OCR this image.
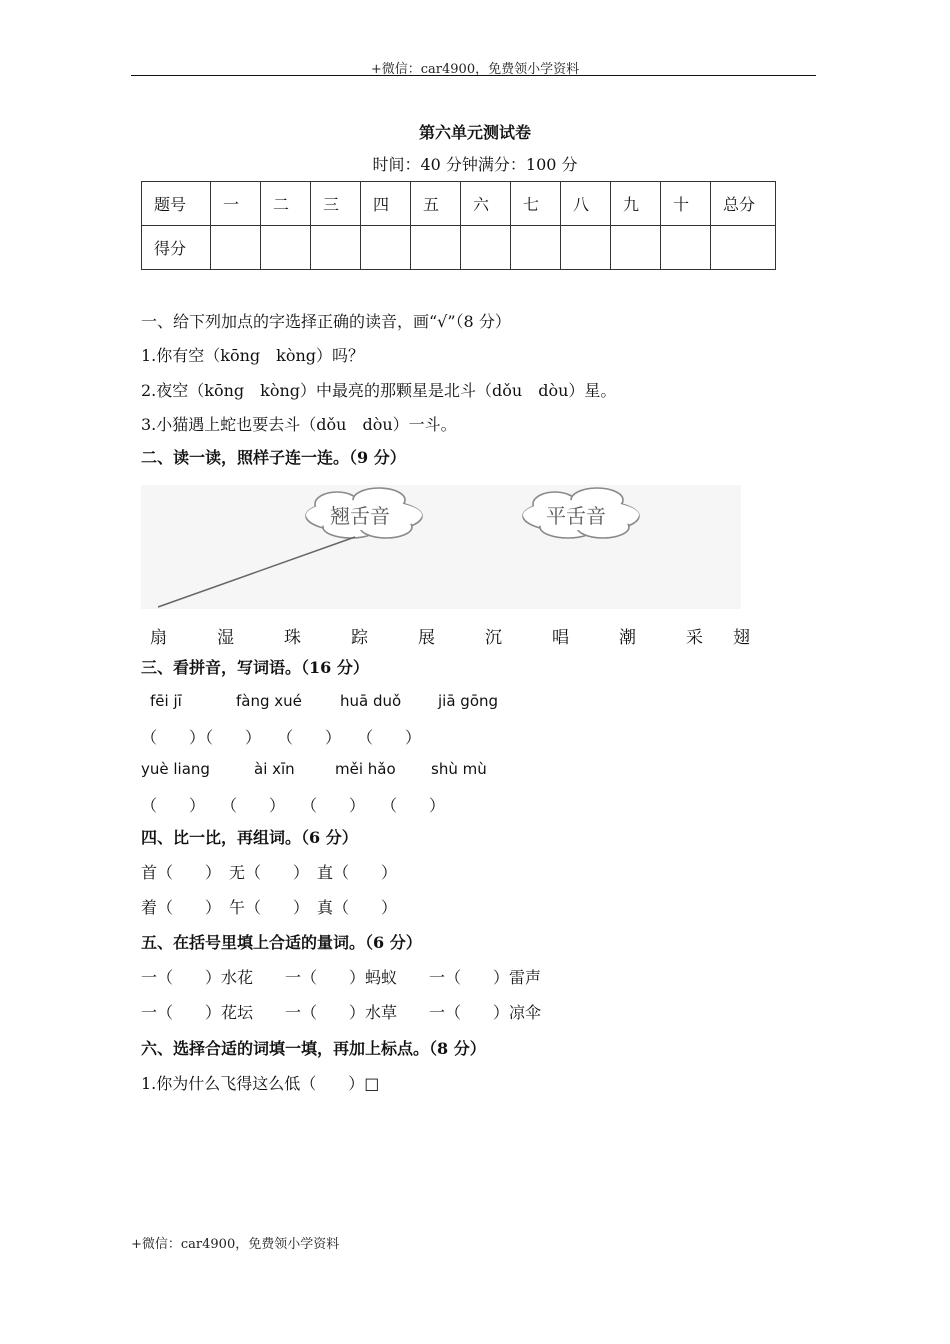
+微信：car4900，免费领小学资料
第六单元测试卷
时间：40 分钟满分：100 分
题号	一	二	三	四	五	六	七	八	九	十	总分
得分											
一、给下列加点的字选择正确的读音，画“√”（8 分）
1.你有空（kōng　kòng）吗？
2.夜空（kōng　kòng）中最亮的那颗星是北斗（dǒu　dòu）星。
3.小猫遇上蛇也要去斗（dǒu　dòu）一斗。
二、读一读，照样子连一连。（9 分）
翘舌音	平舌音
扇	湿	珠	踪	展	沉	唱	潮	采 翅
三、看拼音，写词语。（16 分）
fēi jī	fàng xué	huā duǒ jiā gōng
（　　）（　　）　　（　　）　　（　　）
yuè liang	ài xīn	měi hǎo shù mù
（　　）　　（　　）　　（　　）　　（　　）
四、比一比，再组词。（6 分）
首（　　）　无（　　）　直（　　）
着（　　）　午（　　）　真（　　）
五、在括号里填上合适的量词。（6 分）
一（　　）水花　　一（　　）蚂蚁　　一（　　）雷声
一（　　）花坛　　一（　　）水草　　一（　　）凉伞
六、选择合适的词填一填，再加上标点。（8 分）
1.你为什么飞得这么低（　　）□
+微信：car4900，免费领小学资料
